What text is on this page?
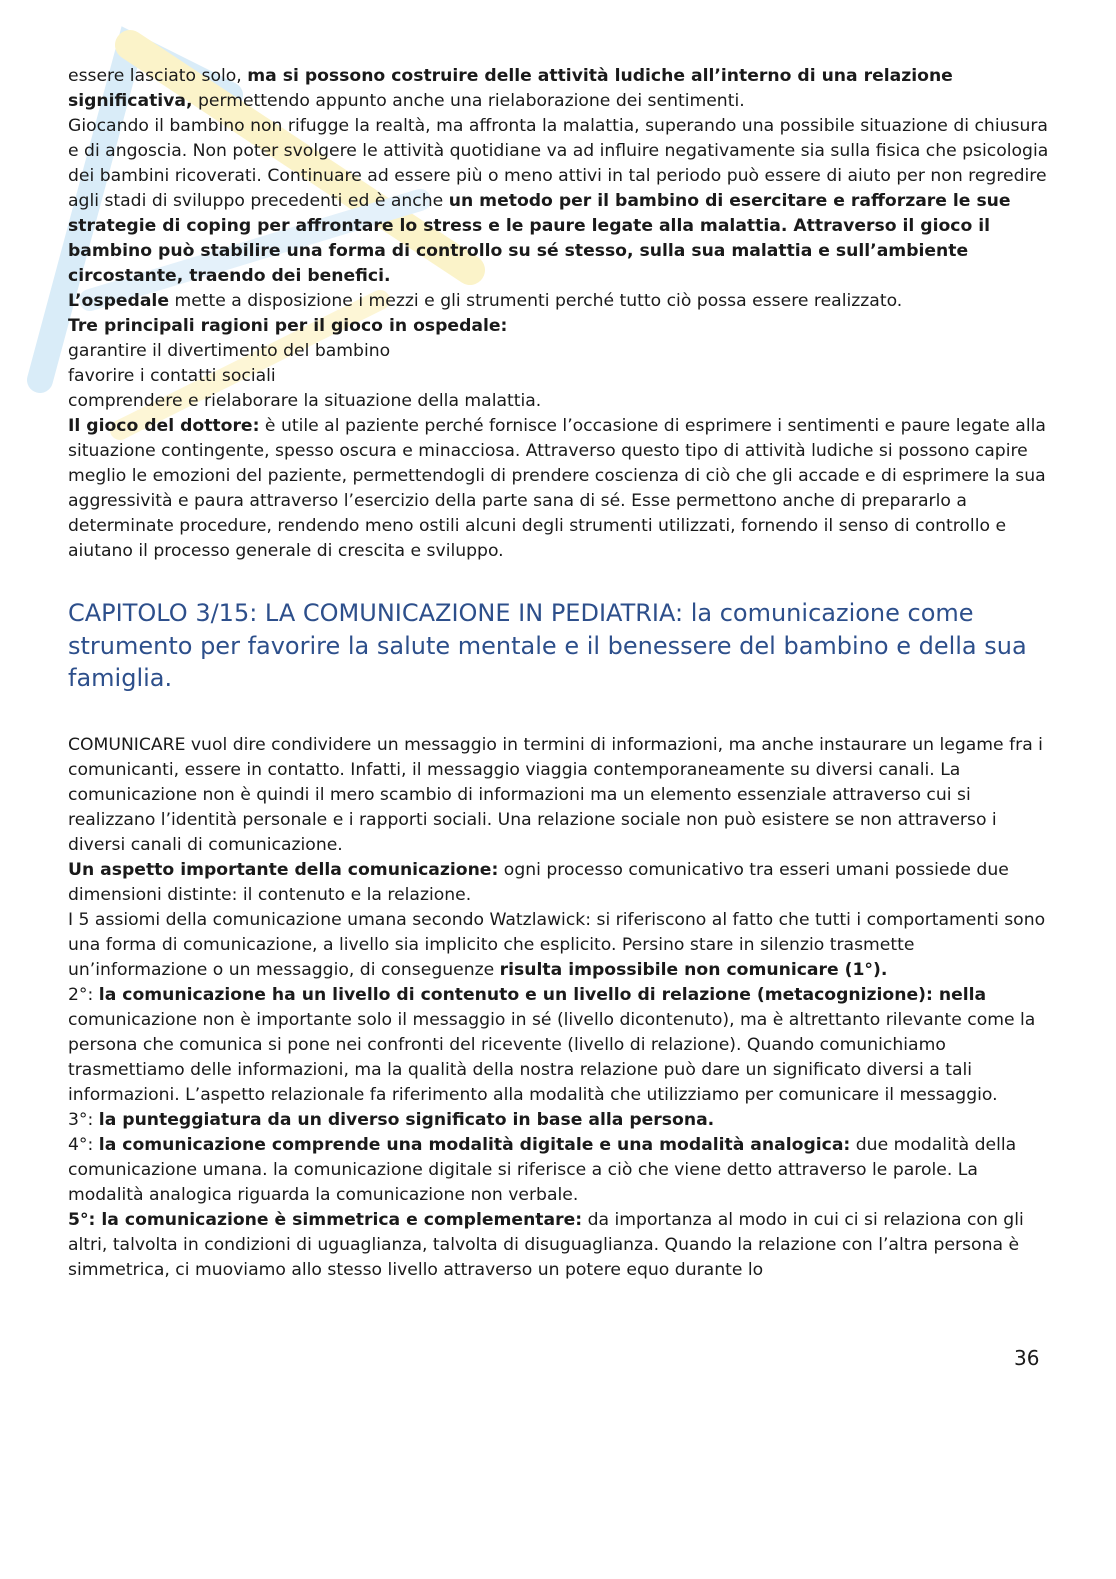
essere lasciato solo, ma si possono costruire delle attività ludiche all’interno di una relazione significativa, permettendo appunto anche una rielaborazione dei sentimenti.

Giocando il bambino non rifugge la realtà, ma affronta la malattia, superando una possibile situazione di chiusura e di angoscia. Non poter svolgere le attività quotidiane va ad influire negativamente sia sulla fisica che psicologia dei bambini ricoverati. Continuare ad essere più o meno attivi in tal periodo può essere di aiuto per non regredire agli stadi di sviluppo precedenti ed è anche un metodo per il bambino di esercitare e rafforzare le sue strategie di coping per affrontare lo stress e le paure legate alla malattia. Attraverso il gioco il bambino può stabilire una forma di controllo su sé stesso, sulla sua malattia e sull’ambiente circostante, traendo dei benefici.

L’ospedale mette a disposizione i mezzi e gli strumenti perché tutto ciò possa essere realizzato.

Tre principali ragioni per il gioco in ospedale:

garantire il divertimento del bambino

favorire i contatti sociali

comprendere e rielaborare la situazione della malattia.

Il gioco del dottore: è utile al paziente perché fornisce l’occasione di esprimere i sentimenti e paure legate alla situazione contingente, spesso oscura e minacciosa. Attraverso questo tipo di attività ludiche si possono capire meglio le emozioni del paziente, permettendogli di prendere coscienza di ciò che gli accade e di esprimere la sua aggressività e paura attraverso l’esercizio della parte sana di sé. Esse permettono anche di prepararlo a determinate procedure, rendendo meno ostili alcuni degli strumenti utilizzati, fornendo il senso di controllo e aiutano il processo generale di crescita e sviluppo.

CAPITOLO 3/15: LA COMUNICAZIONE IN PEDIATRIA: la comunicazione come strumento per favorire la salute mentale e il benessere del bambino e della sua famiglia.

COMUNICARE vuol dire condividere un messaggio in termini di informazioni, ma anche instaurare un legame fra i comunicanti, essere in contatto. Infatti, il messaggio viaggia contemporaneamente su diversi canali. La comunicazione non è quindi il mero scambio di informazioni ma un elemento essenziale attraverso cui si realizzano l’identità personale e i rapporti sociali. Una relazione sociale non può esistere se non attraverso i diversi canali di comunicazione.

Un aspetto importante della comunicazione: ogni processo comunicativo tra esseri umani possiede due dimensioni distinte: il contenuto e la relazione.

I 5 assiomi della comunicazione umana secondo Watzlawick: si riferiscono al fatto che tutti i comportamenti sono una forma di comunicazione, a livello sia implicito che esplicito. Persino stare in silenzio trasmette un’informazione o un messaggio, di conseguenze risulta impossibile non comunicare (1°).

2°: la comunicazione ha un livello di contenuto e un livello di relazione (metacognizione): nella comunicazione non è importante solo il messaggio in sé (livello dicontenuto), ma è altrettanto rilevante come la persona che comunica si pone nei confronti del ricevente (livello di relazione). Quando comunichiamo trasmettiamo delle informazioni, ma la qualità della nostra relazione può dare un significato diversi a tali informazioni. L’aspetto relazionale fa riferimento alla modalità che utilizziamo per comunicare il messaggio.

3°: la punteggiatura da un diverso significato in base alla persona.

4°: la comunicazione comprende una modalità digitale e una modalità analogica: due modalità della comunicazione umana. la comunicazione digitale si riferisce a ciò che viene detto attraverso le parole. La modalità analogica riguarda la comunicazione non verbale.

5°: la comunicazione è simmetrica e complementare: da importanza al modo in cui ci si relaziona con gli altri, talvolta in condizioni di uguaglianza, talvolta di disuguaglianza. Quando la relazione con l’altra persona è simmetrica, ci muoviamo allo stesso livello attraverso un potere equo durante lo

36
